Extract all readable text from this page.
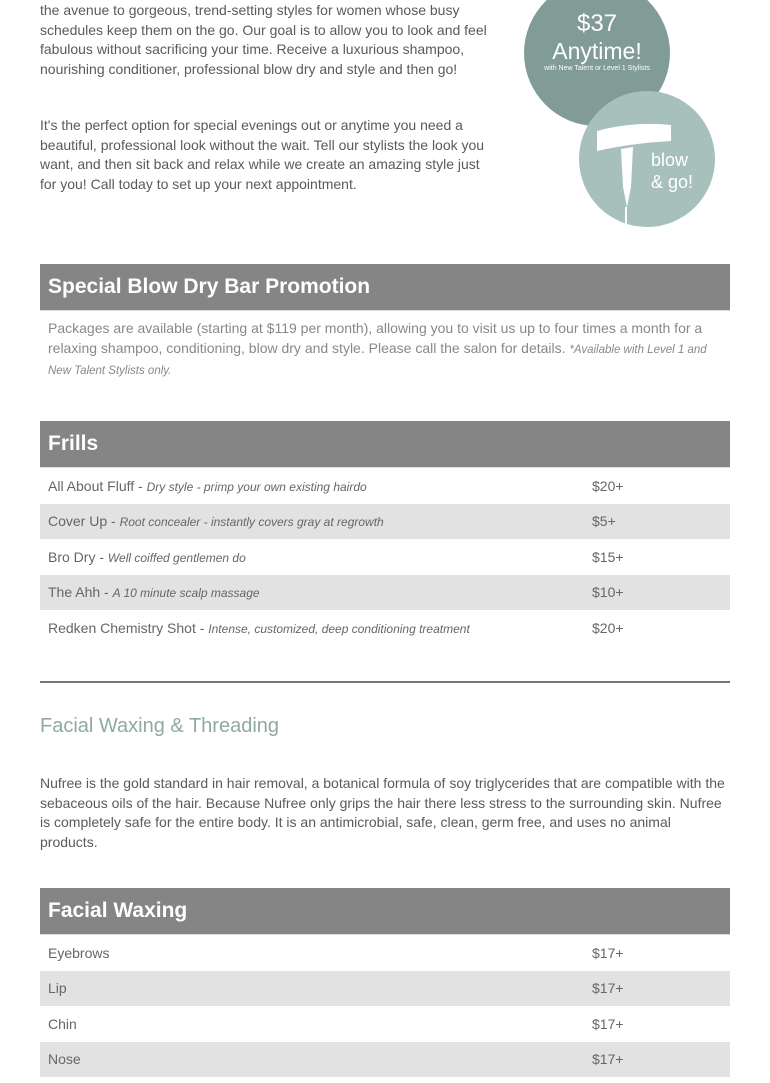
the avenue to gorgeous, trend-setting styles for women whose busy schedules keep them on the go. Our goal is to allow you to look and feel fabulous without sacrificing your time. Receive a luxurious shampoo, nourishing conditioner, professional blow dry and style and then go!

It's the perfect option for special evenings out or anytime you need a beautiful, professional look without the wait. Tell our stylists the look you want, and then sit back and relax while we create an amazing style just for you! Call today to set up your next appointment.

$37
Anytime!
with New Talent or Level 1 Stylists
blow
& go!
Special Blow Dry Bar Promotion
Packages are available (starting at $119 per month), allowing you to visit us up to four times a month for a relaxing shampoo, conditioning, blow dry and style. Please call the salon for details. *Available with Level 1 and New Talent Stylists only.
Frills
All About Fluff - Dry style - primp your own existing hairdo	$20+
Cover Up - Root concealer - instantly covers gray at regrowth	$5+
Bro Dry - Well coiffed gentlemen do	$15+
The Ahh - A 10 minute scalp massage	$10+
Redken Chemistry Shot - Intense, customized, deep conditioning treatment	$20+
Facial Waxing & Threading

Nufree is the gold standard in hair removal, a botanical formula of soy triglycerides that are compatible with the sebaceous oils of the hair. Because Nufree only grips the hair there less stress to the surrounding skin. Nufree is completely safe for the entire body. It is an antimicrobial, safe, clean, germ free, and uses no animal products.

Facial Waxing
Eyebrows	$17+
Lip	$17+
Chin	$17+
Nose	$17+
